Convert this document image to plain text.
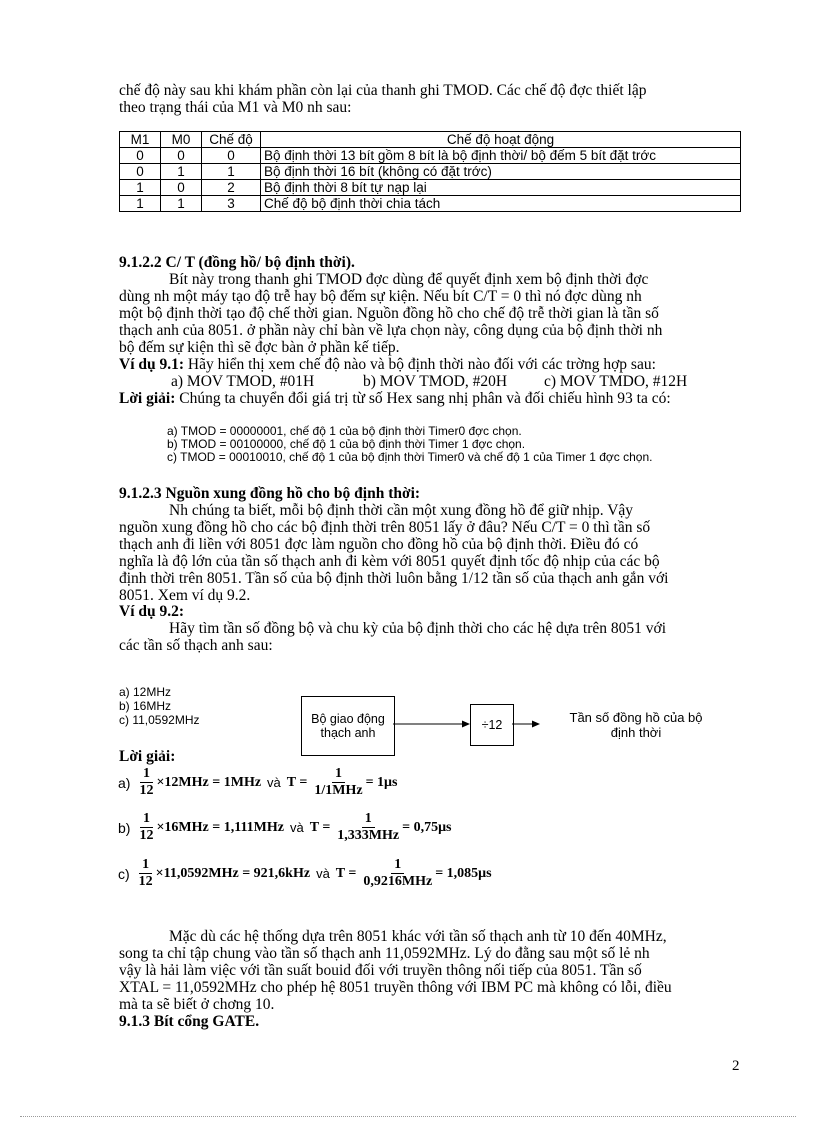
chế độ này sau khi khám phần còn lại của thanh ghi TMOD. Các chế độ đợc thiết lập
theo trạng thái của M1 và M0 nh sau:
M1	M0	Chế độ	Chế độ hoạt động
0	0	0	Bộ định thời 13 bít gồm 8 bít là bộ định thời/ bộ đếm 5 bít đặt trớc
0	1	1	Bộ định thời 16 bít (không có đặt trớc)
1	0	2	Bộ định thời 8 bít tự nạp lại
1	1	3	Chế độ bộ định thời chia tách
9.1.2.2 C/ T (đồng hồ/ bộ định thời).
Bít này trong thanh ghi TMOD đợc dùng để quyết định xem bộ định thời đợc
dùng nh một máy tạo độ trễ hay bộ đếm sự kiện. Nếu bít C/T = 0 thì nó đợc dùng nh
một bộ định thời tạo độ chế thời gian. Nguồn đồng hồ cho chế độ trễ thời gian là tần số
thạch anh của 8051. ở phần này chỉ bàn về lựa chọn này, công dụng của bộ định thời nh
bộ đếm sự kiện thì sẽ đợc bàn ở phần kế tiếp.
Ví dụ 9.1: Hãy hiển thị xem chế độ nào và bộ định thời nào đối với các trờng hợp sau:
a) MOV TMOD, #01H	b) MOV TMOD, #20H c) MOV TMDO, #12H
Lời giải: Chúng ta chuyển đổi giá trị từ số Hex sang nhị phân và đối chiếu hình 93 ta có:
a) TMOD = 00000001, chế độ 1 của bộ định thời Timer0 đợc chọn.
b) TMOD = 00100000, chế độ 1 của bộ định thời Timer 1 đợc chọn.
c) TMOD = 00010010, chế độ 1 của bộ định thời Timer0 và chế độ 1 của Timer 1 đợc chọn.
9.1.2.3 Nguồn xung đồng hồ cho bộ định thời:
Nh chúng ta biết, mỗi bộ định thời cần một xung đồng hồ để giữ nhịp. Vậy
nguồn xung đồng hồ cho các bộ định thời trên 8051 lấy ở đâu? Nếu C/T = 0 thì tần số
thạch anh đi liền với 8051 đợc làm nguồn cho đồng hồ của bộ định thời. Điều đó có
nghĩa là độ lớn của tần số thạch anh đi kèm với 8051 quyết định tốc độ nhịp của các bộ
định thời trên 8051. Tần số của bộ định thời luôn bằng 1/12 tần số của thạch anh gắn với
8051. Xem ví dụ 9.2.
Ví dụ 9.2:
Hãy tìm tần số đồng bộ và chu kỳ của bộ định thời cho các hệ dựa trên 8051 với
các tần số thạch anh sau:
a) 12MHz
b) 16MHz
c) 11,0592MHz	Bộ giao động thạch anh
÷12	Tần số đồng hồ của bộ định thời
Lời giải:
$a) \frac{1}{12} \times 12MHz = 1MHz$ và $T = \frac{1}{\text{1/1MHz}} = 1\mu s$
$b) \frac{1}{12} \times 16MHz = 1,111MHz$ và $T = \frac{1}{\text{1,333MHz}} = 0,75\mu s$
$c) \frac{1}{12} \times 11,0592MHz = 921,6kHz$ và $T = \frac{1}{\text{0,9216MHz}} = 1,085\mu s$
Mặc dù các hệ thống dựa trên 8051 khác với tần số thạch anh từ 10 đến 40MHz,
song ta chỉ tập chung vào tần số thạch anh 11,0592MHz. Lý do đằng sau một số lẻ nh
vậy là hải làm việc với tần suất bouid đối với truyền thông nối tiếp của 8051. Tần số
XTAL = 11,0592MHz cho phép hệ 8051 truyền thông với IBM PC mà không có lỗi, điều
mà ta sẽ biết ở chơng 10.
9.1.3 Bít cổng GATE.
2
